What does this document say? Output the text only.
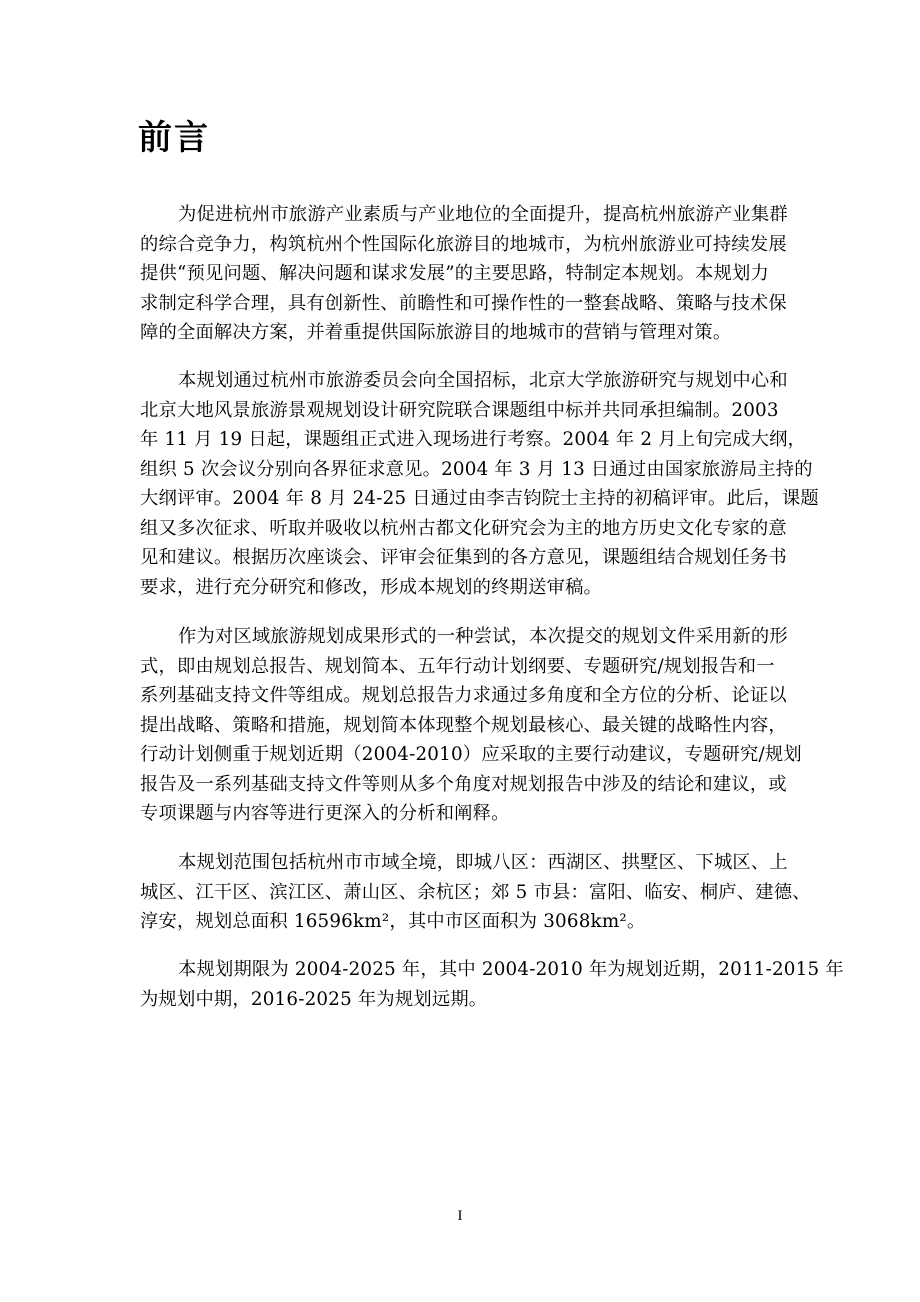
前言
为促进杭州市旅游产业素质与产业地位的全面提升，提高杭州旅游产业集群
的综合竞争力，构筑杭州个性国际化旅游目的地城市，为杭州旅游业可持续发展
提供“预见问题、解决问题和谋求发展”的主要思路，特制定本规划。本规划力
求制定科学合理，具有创新性、前瞻性和可操作性的一整套战略、策略与技术保
障的全面解决方案，并着重提供国际旅游目的地城市的营销与管理对策。
本规划通过杭州市旅游委员会向全国招标，北京大学旅游研究与规划中心和
北京大地风景旅游景观规划设计研究院联合课题组中标并共同承担编制。2003
年 11 月 19 日起，课题组正式进入现场进行考察。2004 年 2 月上旬完成大纲，
组织 5 次会议分别向各界征求意见。2004 年 3 月 13 日通过由国家旅游局主持的
大纲评审。2004 年 8 月 24-25 日通过由李吉钧院士主持的初稿评审。此后，课题
组又多次征求、听取并吸收以杭州古都文化研究会为主的地方历史文化专家的意
见和建议。根据历次座谈会、评审会征集到的各方意见，课题组结合规划任务书
要求，进行充分研究和修改，形成本规划的终期送审稿。
作为对区域旅游规划成果形式的一种尝试，本次提交的规划文件采用新的形
式，即由规划总报告、规划简本、五年行动计划纲要、专题研究/规划报告和一
系列基础支持文件等组成。规划总报告力求通过多角度和全方位的分析、论证以
提出战略、策略和措施，规划简本体现整个规划最核心、最关键的战略性内容，
行动计划侧重于规划近期（2004-2010）应采取的主要行动建议，专题研究/规划
报告及一系列基础支持文件等则从多个角度对规划报告中涉及的结论和建议，或
专项课题与内容等进行更深入的分析和阐释。
本规划范围包括杭州市市域全境，即城八区：西湖区、拱墅区、下城区、上
城区、江干区、滨江区、萧山区、余杭区；郊 5 市县：富阳、临安、桐庐、建德、
淳安，规划总面积 16596km²，其中市区面积为 3068km²。
本规划期限为 2004-2025 年，其中 2004-2010 年为规划近期，2011-2015 年
为规划中期，2016-2025 年为规划远期。
I
